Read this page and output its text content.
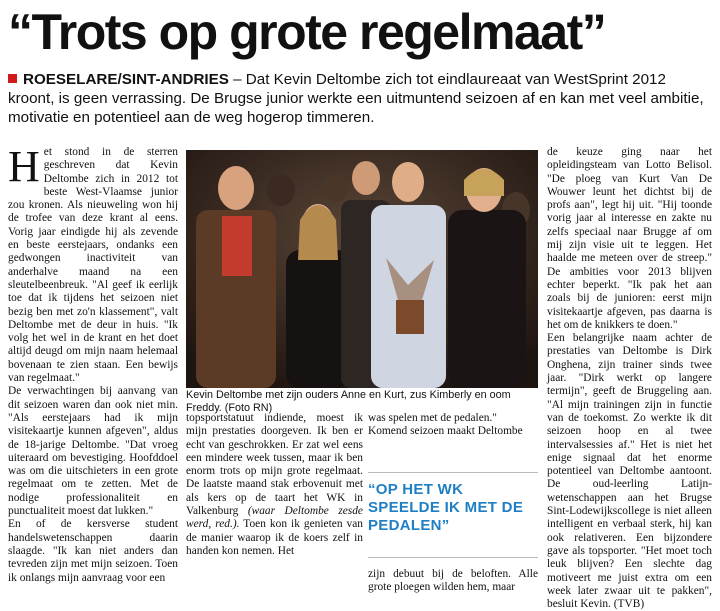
“Trots op grote regelmaat”
ROESELARE/SINT-ANDRIES – Dat Kevin Deltombe zich tot eindlaureaat van WestSprint 2012 kroont, is geen verrassing. De Brugse junior werkte een uitmuntend seizoen af en kan met veel ambitie, motivatie en potentieel aan de weg hogerop timmeren.
H et stond in de sterren geschreven dat Kevin Deltombe zich in 2012 tot beste West-Vlaamse junior zou kronen. Als nieuweling won hij de trofee van deze krant al eens. Vorig jaar eindigde hij als zevende en beste eerstejaars, ondanks een gedwongen inactiviteit van anderhalve maand na een sleutelbeenbreuk. "Al geef ik eerlijk toe dat ik tijdens het seizoen niet bezig ben met zo'n klassement", valt Deltombe met de deur in huis. "Ik volg het wel in de krant en het doet altijd deugd om mijn naam helemaal bovenaan te zien staan. Een bewijs van regelmaat."

De verwachtingen bij aanvang van dit seizoen waren dan ook niet min. "Als eerstejaars had ik mijn visitekaartje kunnen afgeven", aldus de 18-jarige Deltombe. "Dat vroeg uiteraard om bevestiging. Hoofddoel was om die uitschieters in een grote regelmaat om te zetten. Met de nodige professionaliteit en punctualiteit moest dat lukken."

En of de kersverse student handelswetenschappen daarin slaagde. "Ik kan niet anders dan tevreden zijn met mijn seizoen. Toen ik onlangs mijn aanvraag voor een

Kevin Deltombe met zijn ouders Anne en Kurt, zus Kimberly en oom Freddy. (Foto RN)

topsportstatuut indiende, moest ik mijn prestaties doorgeven. Ik ben er echt van geschrokken. Er zat wel eens een mindere week tussen, maar ik ben enorm trots op mijn grote regelmaat. De laatste maand stak erbovenuit met als kers op de taart het WK in Valkenburg (waar Deltombe zesde werd, red.). Toen kon ik genieten van de manier waarop ik de koers zelf in handen kon nemen. Het

was spelen met de pedalen."
Komend seizoen maakt Deltombe
“OP HET WK SPEELDE IK MET DE PEDALEN”
zijn debuut bij de beloften. Alle grote ploegen wilden hem, maar

de keuze ging naar het opleidingsteam van Lotto Belisol. "De ploeg van Kurt Van De Wouwer leunt het dichtst bij de profs aan", legt hij uit. "Hij toonde vorig jaar al interesse en zakte nu zelfs speciaal naar Brugge af om mij zijn visie uit te leggen. Het haalde me meteen over de streep." De ambities voor 2013 blijven echter beperkt. "Ik pak het aan zoals bij de junioren: eerst mijn visitekaartje afgeven, pas daarna is het om de knikkers te doen."

Een belangrijke naam achter de prestaties van Deltombe is Dirk Onghena, zijn trainer sinds twee jaar. "Dirk werkt op langere termijn", geeft de Bruggeling aan. "Al mijn trainingen zijn in functie van de toekomst. Zo werkte ik dit seizoen hoop en al twee intervalsessies af." Het is niet het enige signaal dat het enorme potentieel van Deltombe aantoont. De oud-leerling Latijn-wetenschappen aan het Brugse Sint-Lodewijkscollege is niet alleen intelligent en verbaal sterk, hij kan ook relativeren. Een bijzondere gave als topsporter. "Het moet toch leuk blijven? Een slechte dag motiveert me juist extra om een week later zwaar uit te pakken", besluit Kevin. (TVB)
